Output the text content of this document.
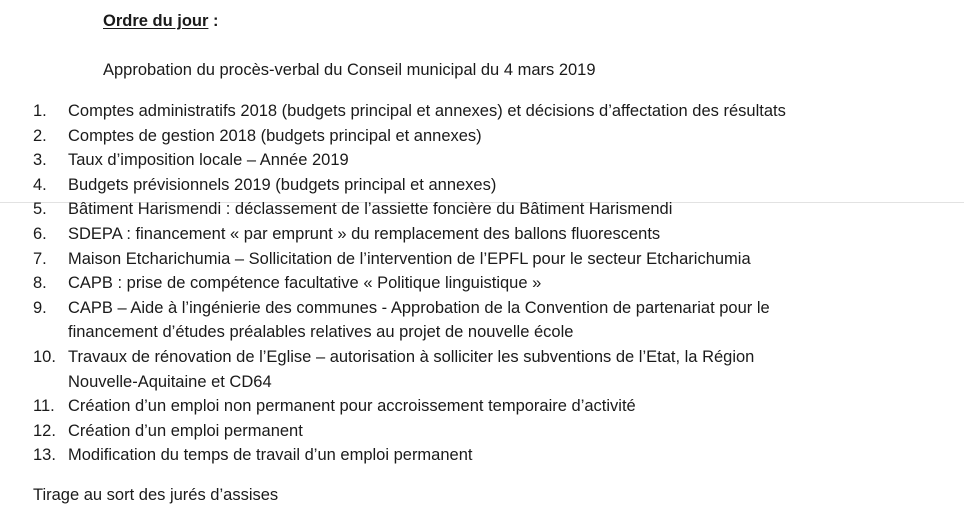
Ordre du jour :
Approbation du procès-verbal du Conseil municipal du 4 mars 2019
1.	Comptes administratifs 2018 (budgets principal et annexes) et décisions d’affectation des résultats
2.	Comptes de gestion 2018 (budgets principal et annexes)
3.	Taux d’imposition locale – Année 2019
4.	Budgets prévisionnels 2019 (budgets principal et annexes)
5.	Bâtiment Harismendi : déclassement de l’assiette foncière du Bâtiment Harismendi
6.	SDEPA : financement « par emprunt » du remplacement des ballons fluorescents
7.	Maison Etcharichumia – Sollicitation de l’intervention de l’EPFL pour le secteur Etcharichumia
8.	CAPB : prise de compétence facultative « Politique linguistique »
9.	CAPB – Aide à l’ingénierie des communes - Approbation de la Convention de partenariat pour le
financement d’études préalables relatives au projet de nouvelle école
10. Travaux de rénovation de l’Eglise – autorisation à solliciter les subventions de l’Etat, la Région
Nouvelle-Aquitaine et CD64
11. Création d’un emploi non permanent pour accroissement temporaire d’activité
12. Création d’un emploi permanent
13. Modification du temps de travail d’un emploi permanent
Tirage au sort des jurés d’assises
